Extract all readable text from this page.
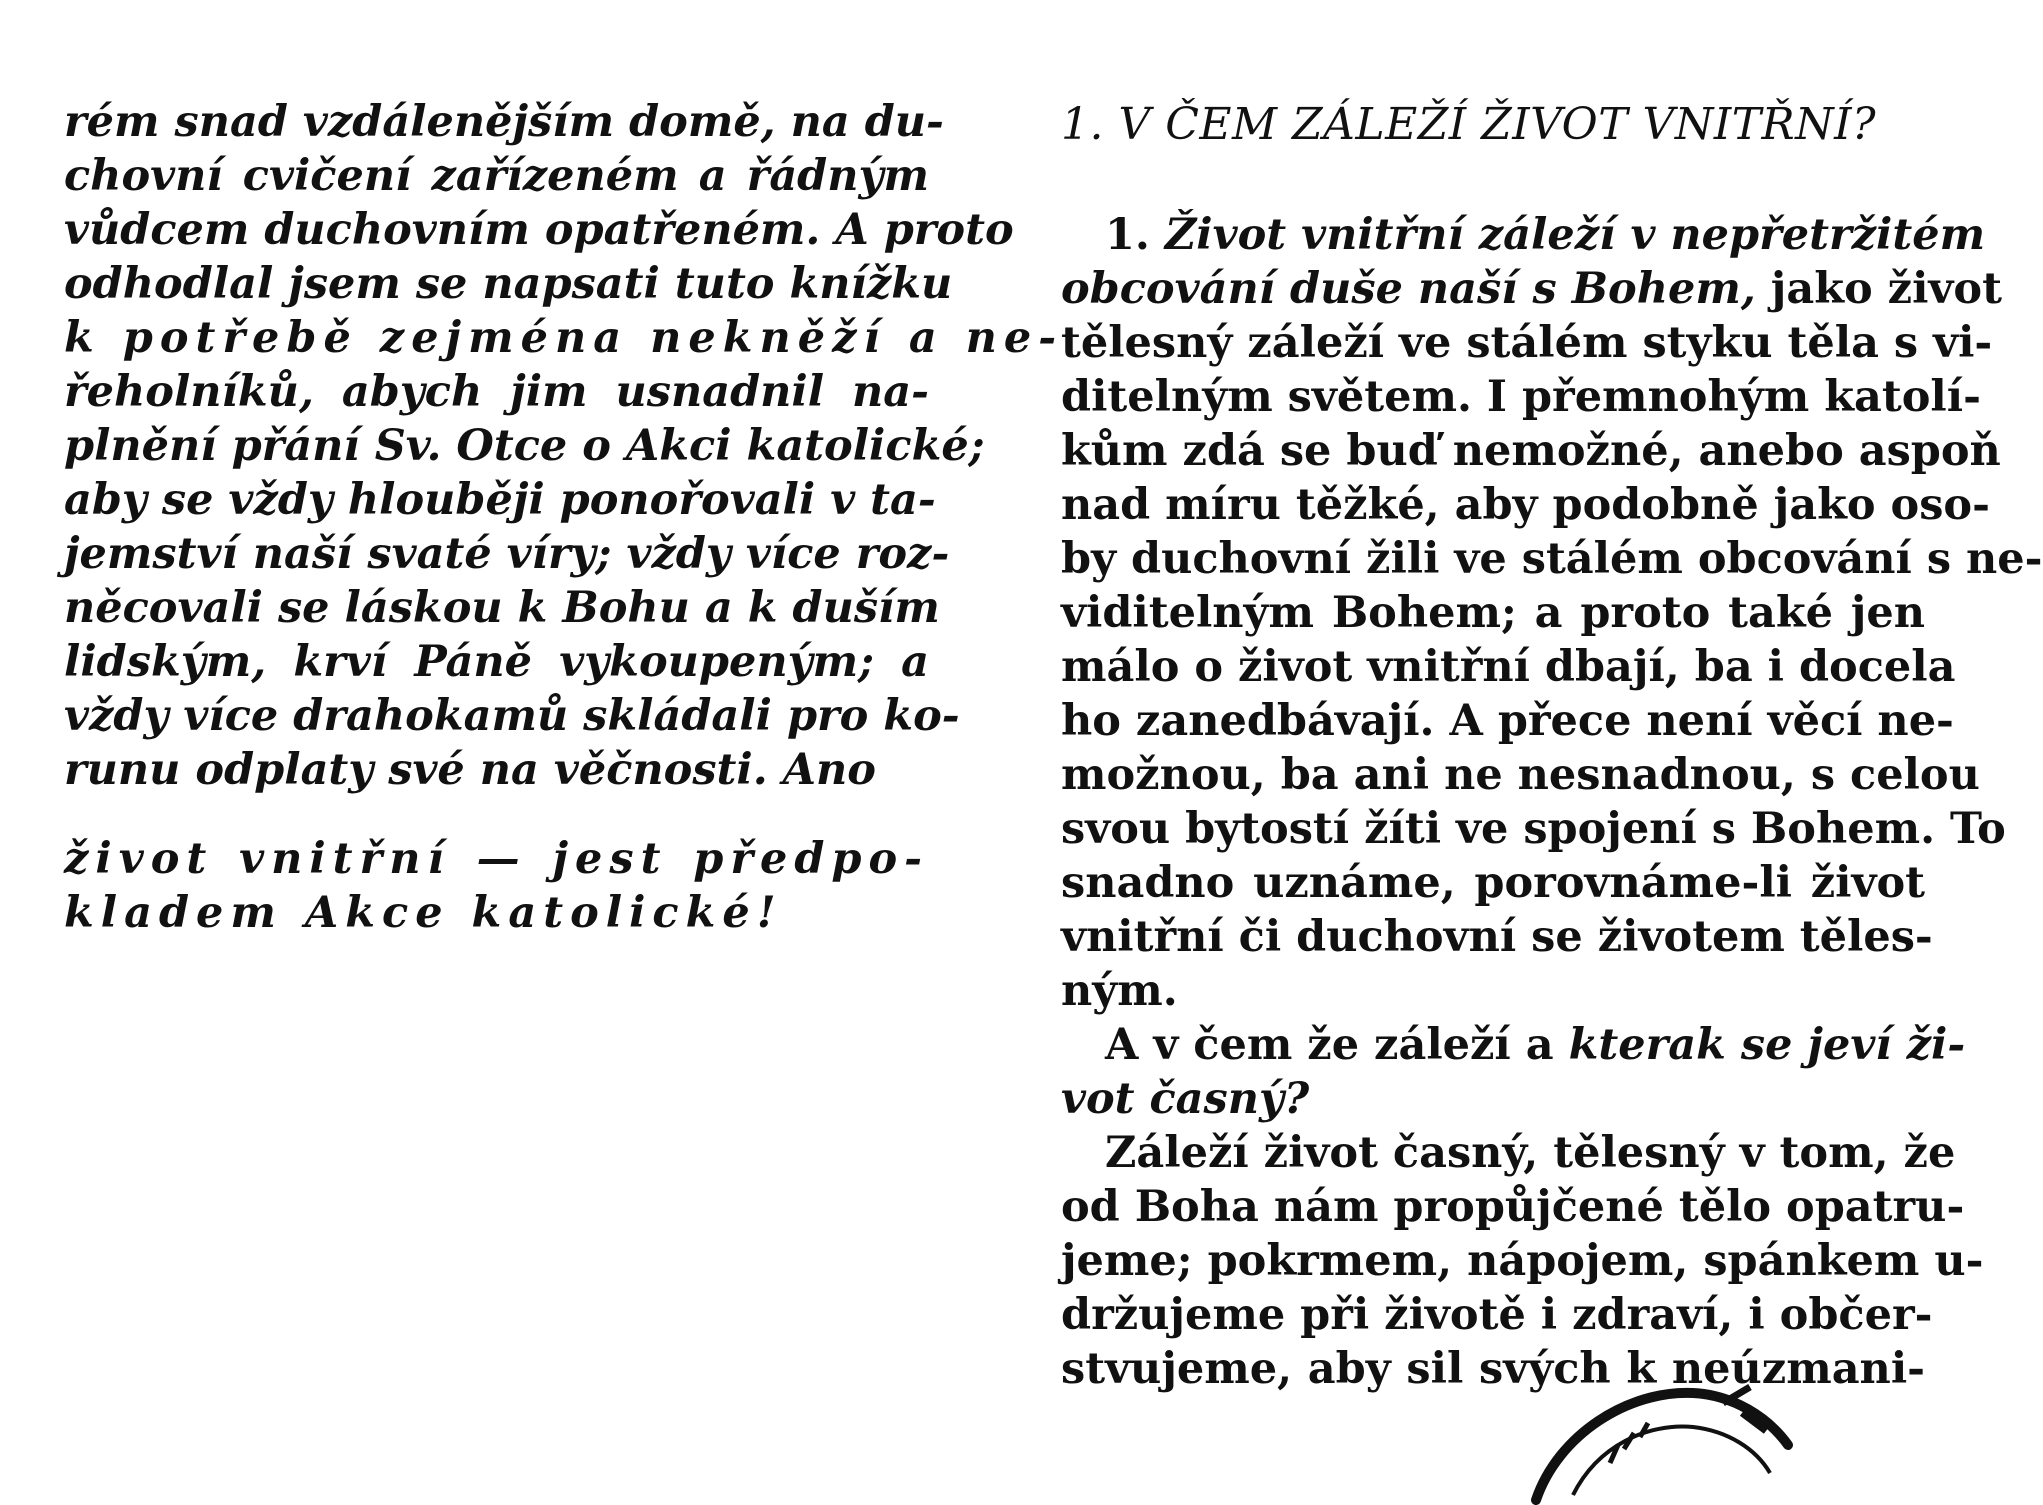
rém snad vzdálenějším domě, na du-
chovní cvičení zařízeném a řádným
vůdcem duchovním opatřeném. A proto
odhodlal jsem se napsati tuto knížku
k potřebě zejména nekněží a ne-
řeholníků, abych jim usnadnil na-
plnění přání Sv. Otce o Akci katolické;
aby se vždy hlouběji ponořovali v ta-
jemství naší svaté víry; vždy více roz-
něcovali se láskou k Bohu a k duším
lidským, krví Páně vykoupeným; a
vždy více drahokamů skládali pro ko-
runu odplaty své na věčnosti. Ano
život vnitřní — jest předpo-
kladem Akce katolické!
1. V ČEM ZÁLEŽÍ ŽIVOT VNITŘNÍ?
1. Život vnitřní záleží v nepřetržitém
obcování duše naší s Bohem, jako život
tělesný záleží ve stálém styku těla s vi-
ditelným světem. I přemnohým katolí-
kům zdá se buď nemožné, anebo aspoň
nad míru těžké, aby podobně jako oso-
by duchovní žili ve stálém obcování s ne-
viditelným Bohem; a proto také jen
málo o život vnitřní dbají, ba i docela
ho zanedbávají. A přece není věcí ne-
možnou, ba ani ne nesnadnou, s celou
svou bytostí žíti ve spojení s Bohem. To
snadno uznáme, porovnáme-li život
vnitřní či duchovní se životem těles-
ným.
A v čem že záleží a kterak se jeví ži-
vot časný?
Záleží život časný, tělesný v tom, že
od Boha nám propůjčené tělo opatru-
jeme; pokrmem, nápojem, spánkem u-
držujeme při životě i zdraví, i občer-
stvujeme, aby sil svých k neúzmani-
